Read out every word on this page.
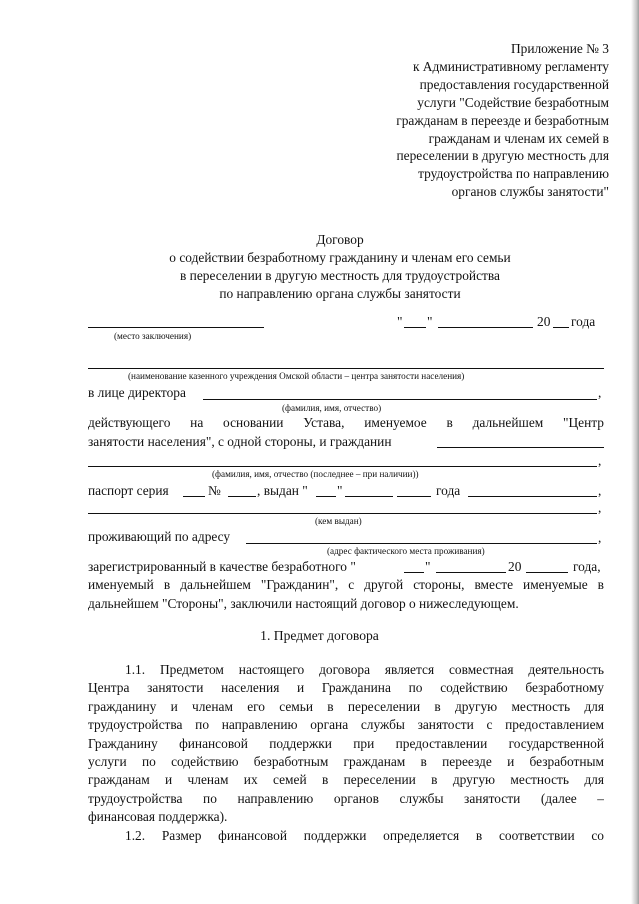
Приложение № 3
к Административному регламенту
предоставления государственной
услуги "Содействие безработным
гражданам в переезде и безработным
гражданам и членам их семей в
переселении в другую местность для
трудоустройства по направлению
органов службы занятости"
Договор
о содействии безработному гражданину и членам его семьи
в переселении в другую местность для трудоустройства
по направлению органа службы занятости
" "	20 года
(место заключения)
(наименование казенного учреждения Омской области – центра занятости населения)
в лице директора	,
(фамилия, имя, отчество)
действующего на основании Устава, именуемое в дальнейшем "Центр
занятости населения", с одной стороны, и гражданин
,
(фамилия, имя, отчество (последнее – при наличии))
паспорт серия	№	, выдан " "	года	,
,
(кем выдан)
проживающий по адресу	,
(адрес фактического места проживания)
зарегистрированный в качестве безработного "	"	20	года,
именуемый в дальнейшем "Гражданин", с другой стороны, вместе именуемые в
дальнейшем "Стороны", заключили настоящий договор о нижеследующем.
1. Предмет договора
1.1. Предметом настоящего договора является совместная деятельность
Центра занятости населения и Гражданина по содействию безработному
гражданину и членам его семьи в переселении в другую местность для
трудоустройства по направлению органа службы занятости с предоставлением
Гражданину финансовой поддержки при предоставлении государственной
услуги по содействию безработным гражданам в переезде и безработным
гражданам и членам их семей в переселении в другую местность для
трудоустройства по направлению органов службы занятости (далее –
финансовая поддержка).
1.2. Размер финансовой поддержки определяется в соответствии со
